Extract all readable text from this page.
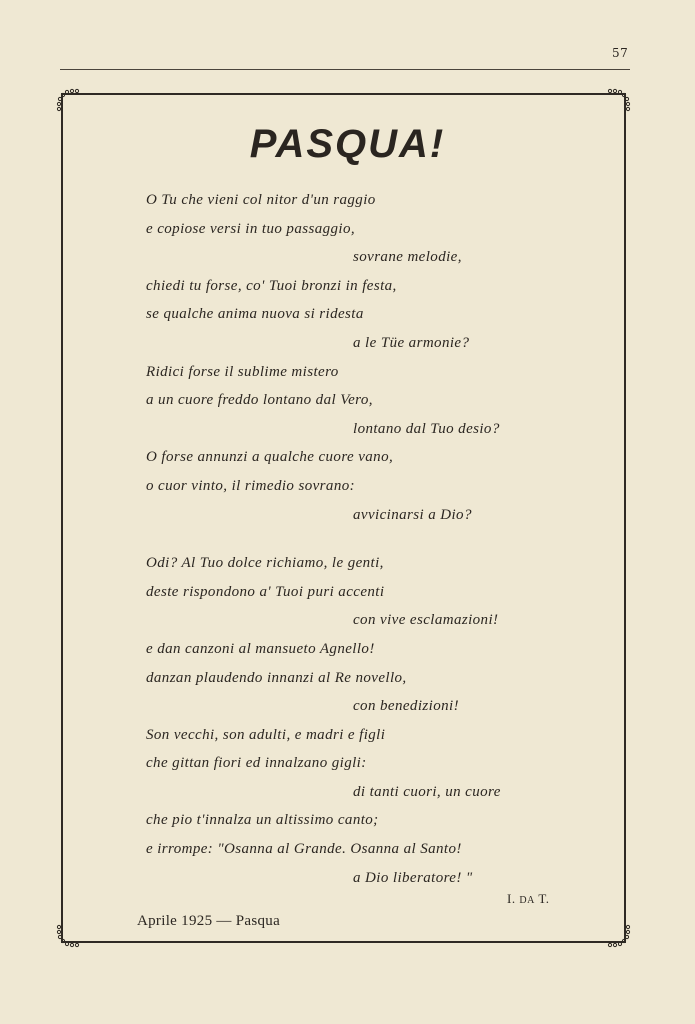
57
PASQUA!
O Tu che vieni col nitor d'un raggio
e copiose versi in tuo passaggio,
sovrane melodie,
chiedi tu forse, co' Tuoi bronzi in festa,
se qualche anima nuova si ridesta
a le Tüe armonie?
Ridici forse il sublime mistero
a un cuore freddo lontano dal Vero,
lontano dal Tuo desio?
O forse annunzi a qualche cuore vano,
o cuor vinto, il rimedio sovrano:
avvicinarsi a Dio?
Odi? Al Tuo dolce richiamo, le genti,
deste rispondono a' Tuoi puri accenti
con vive esclamazioni!
e dan canzoni al mansueto Agnello!
danzan plaudendo innanzi al Re novello,
con benedizioni!
Son vecchi, son adulti, e madri e figli
che gittan fiori ed innalzano gigli:
di tanti cuori, un cuore
che pio t'innalza un altissimo canto;
e irrompe: "Osanna al Grande. Osanna al Santo!
a Dio liberatore! "
I. DA T.
Aprile 1925 — Pasqua
